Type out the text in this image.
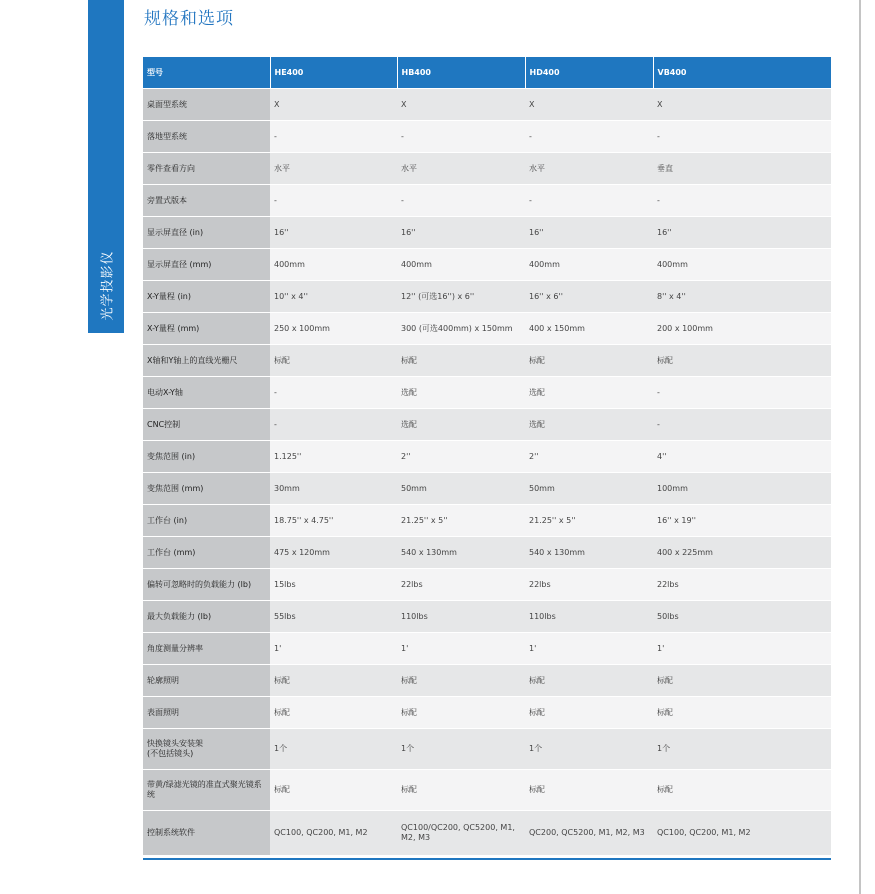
光学投影仪
规格和选项
型号	HE400	HB400	HD400	VB400
桌面型系统	X	X	X	X
落地型系统	-	-	-	-
零件查看方向	水平	水平	水平	垂直
旁置式版本	-	-	-	-
显示屏直径 (in)	16''	16''	16''	16''
显示屏直径 (mm)	400mm	400mm	400mm	400mm
X-Y量程 (in)	10'' x 4''	12'' (可选16'') x 6''	16'' x 6''	8'' x 4''
X-Y量程 (mm)	250 x 100mm	300 (可选400mm) x 150mm	400 x 150mm	200 x 100mm
X轴和Y轴上的直线光栅尺	标配	标配	标配	标配
电动X-Y轴	-	选配	选配	-
CNC控制	-	选配	选配	-
变焦范围 (in)	1.125''	2''	2''	4''
变焦范围 (mm)	30mm	50mm	50mm	100mm
工作台 (in)	18.75'' x 4.75''	21.25'' x 5''	21.25'' x 5''	16'' x 19''
工作台 (mm)	475 x 120mm	540 x 130mm	540 x 130mm	400 x 225mm
偏转可忽略时的负载能力 (lb)	15lbs	22lbs	22lbs	22lbs
最大负载能力 (lb)	55lbs	110lbs	110lbs	50lbs
角度测量分辨率	1'	1'	1'	1'
轮廓照明	标配	标配	标配	标配
表面照明	标配	标配	标配	标配
快换镜头安装架
(不包括镜头)	1个	1个	1个	1个
带黄/绿滤光镜的准直式聚光镜系统	标配	标配	标配	标配
控制系统软件	QC100, QC200, M1, M2	QC100/QC200, QC5200, M1, M2, M3	QC200, QC5200, M1, M2, M3	QC100, QC200, M1, M2
